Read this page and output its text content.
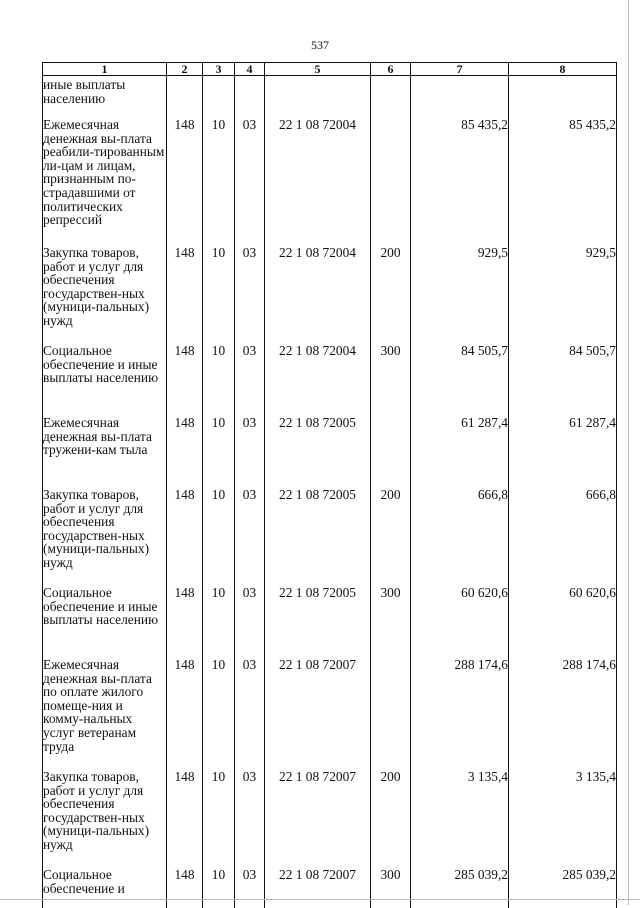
537
1	2	3	4	5	6	7	8
иные выплаты населению							
Ежемесячная денежная вы-плата реабили-тированным ли-цам и лицам, признанным по-страдавшими от политических репрессий	148	10	03	22 1 08 72004		85 435,2	85 435,2
Закупка товаров, работ и услуг для обеспечения государствен-ных (муници-пальных) нужд	148	10	03	22 1 08 72004	200	929,5	929,5
Социальное обеспечение и иные выплаты населению	148	10	03	22 1 08 72004	300	84 505,7	84 505,7
Ежемесячная денежная вы-плата тружени-кам тыла	148	10	03	22 1 08 72005		61 287,4	61 287,4
Закупка товаров, работ и услуг для обеспечения государствен-ных (муници-пальных) нужд	148	10	03	22 1 08 72005	200	666,8	666,8
Социальное обеспечение и иные выплаты населению	148	10	03	22 1 08 72005	300	60 620,6	60 620,6
Ежемесячная денежная вы-плата по оплате жилого помеще-ния и комму-нальных услуг ветеранам труда	148	10	03	22 1 08 72007		288 174,6	288 174,6
Закупка товаров, работ и услуг для обеспечения государствен-ных (муници-пальных) нужд	148	10	03	22 1 08 72007	200	3 135,4	3 135,4
Социальное обеспечение и	148	10	03	22 1 08 72007	300	285 039,2	285 039,2
